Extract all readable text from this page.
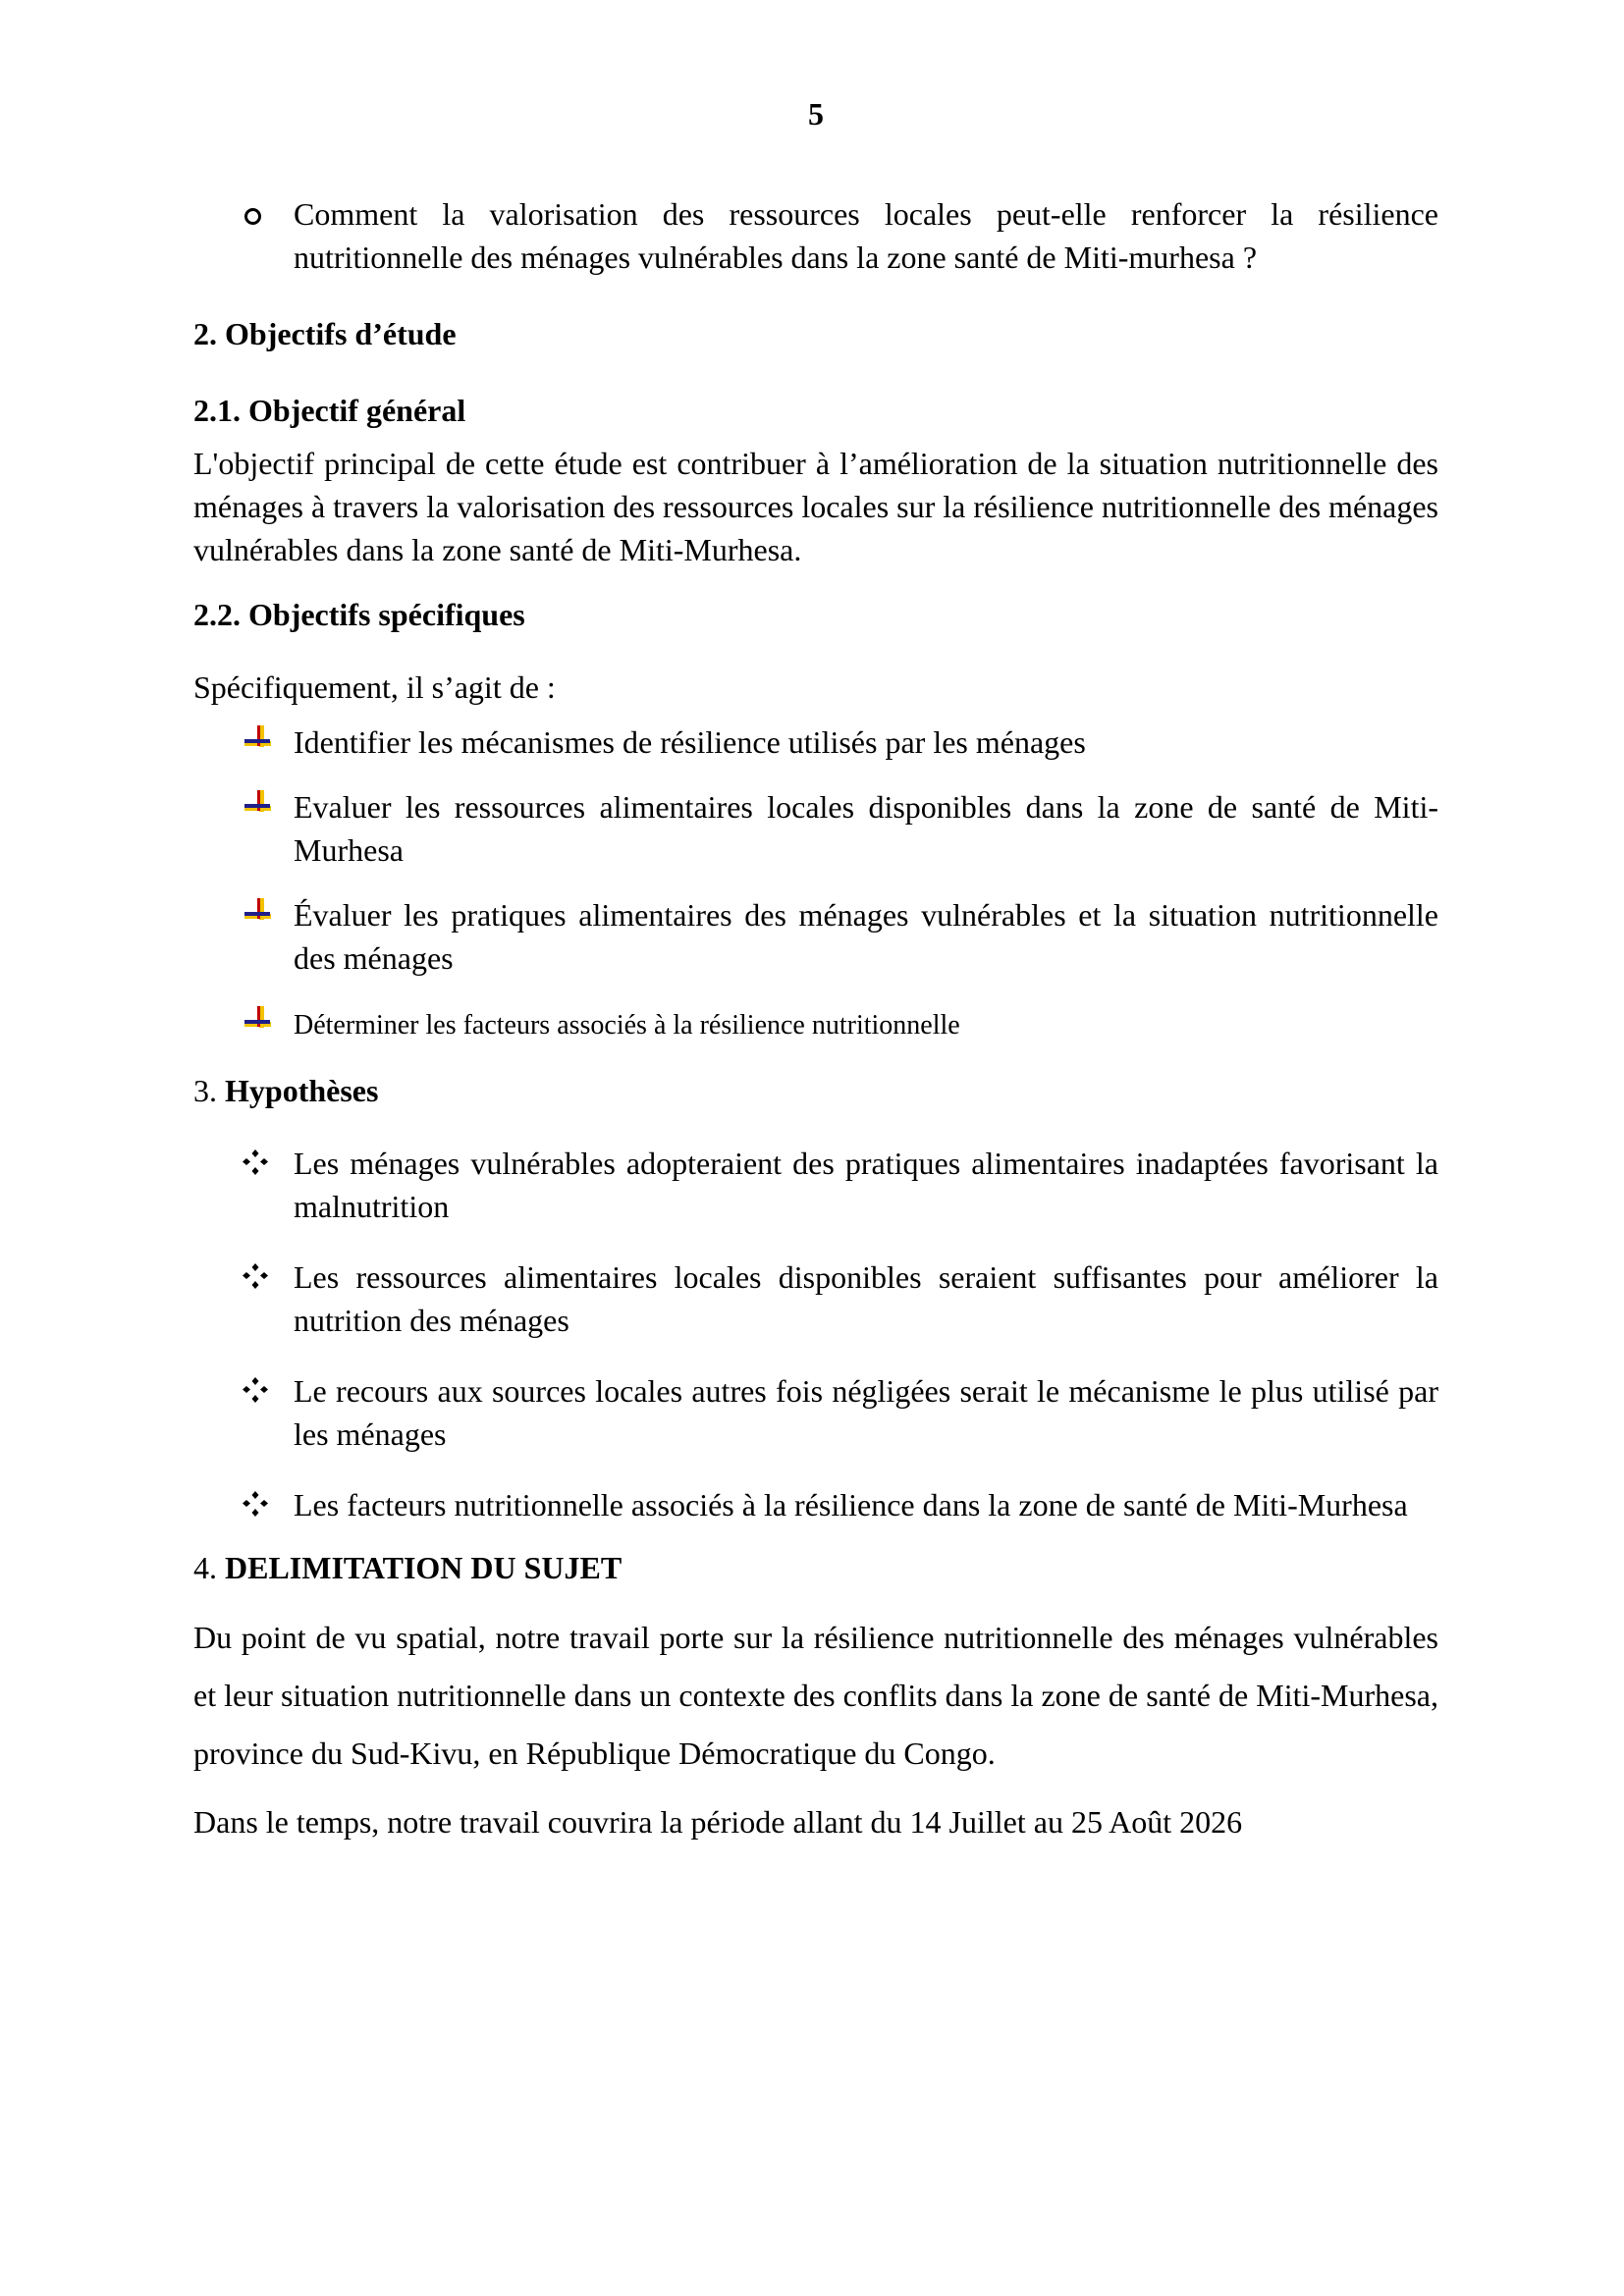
5
Comment la valorisation des ressources locales peut-elle renforcer la résilience nutritionnelle des ménages vulnérables dans la zone santé de Miti-murhesa ?

2. Objectifs d’étude

2.1. Objectif général

L'objectif principal de cette étude est contribuer à l’amélioration de la situation nutritionnelle des ménages à travers la valorisation des ressources locales sur la résilience nutritionnelle des ménages vulnérables dans la zone santé de Miti-Murhesa.

2.2. Objectifs spécifiques

Spécifiquement, il s’agit de :

Identifier les mécanismes de résilience utilisés par les ménages
Evaluer les ressources alimentaires locales disponibles dans la zone de santé de Miti-Murhesa
Évaluer les pratiques alimentaires des ménages vulnérables et la situation nutritionnelle des ménages
Déterminer les facteurs associés à la résilience nutritionnelle

3. Hypothèses

Les ménages vulnérables adopteraient des pratiques alimentaires inadaptées favorisant la malnutrition
Les ressources alimentaires locales disponibles seraient suffisantes pour améliorer la nutrition des ménages
Le recours aux sources locales autres fois négligées serait le mécanisme le plus utilisé par les ménages
Les facteurs nutritionnelle associés à la résilience dans la zone de santé de Miti-Murhesa

4. DELIMITATION DU SUJET

Du point de vu spatial, notre travail porte sur la résilience nutritionnelle des ménages vulnérables et leur situation nutritionnelle dans un contexte des conflits dans la zone de santé de Miti-Murhesa, province du Sud-Kivu, en République Démocratique du Congo.

Dans le temps, notre travail couvrira la période allant du 14 Juillet au 25 Août 2026
